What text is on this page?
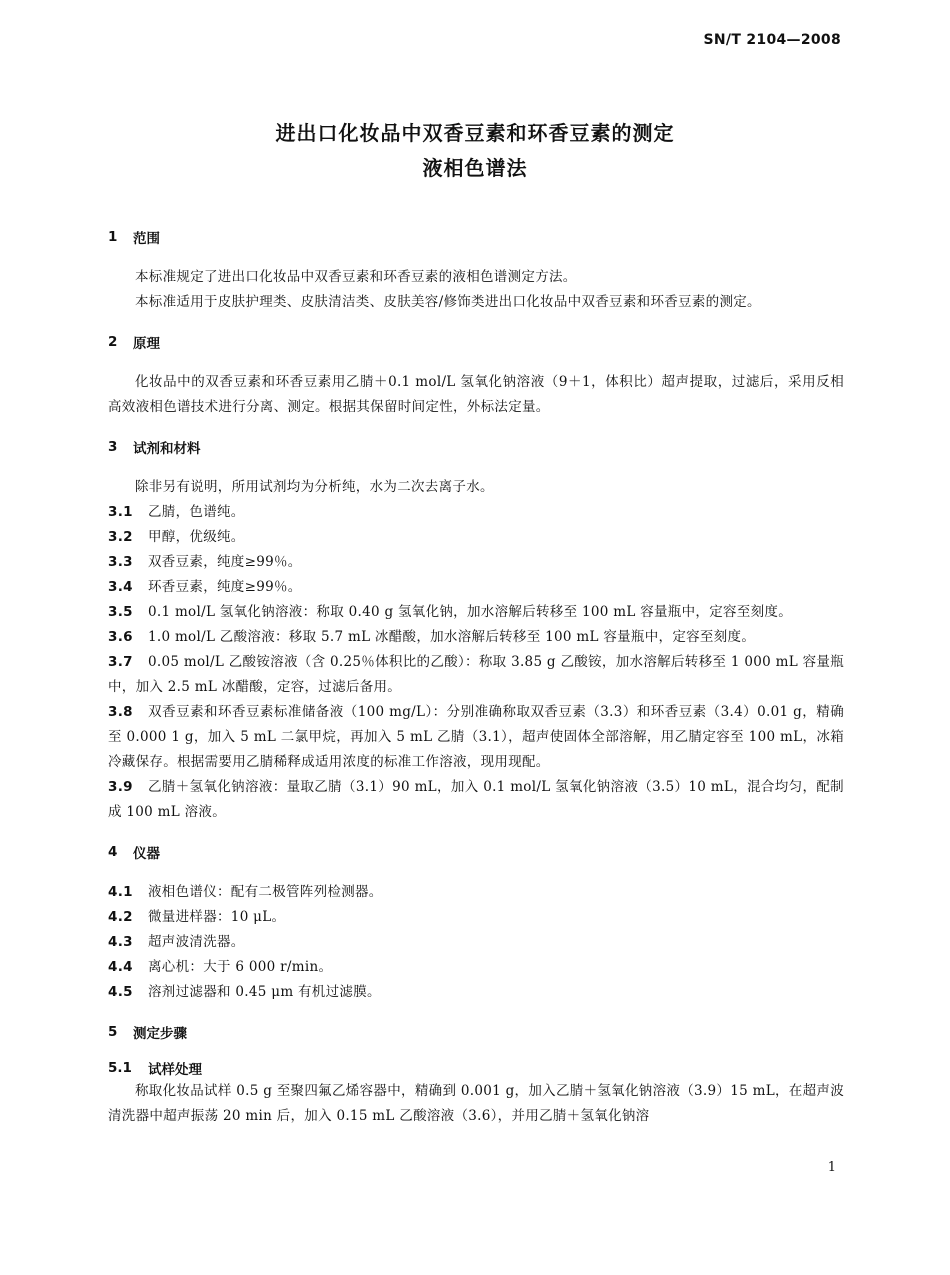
SN/T 2104—2008
进出口化妆品中双香豆素和环香豆素的测定
液相色谱法
1	范围
本标准规定了进出口化妆品中双香豆素和环香豆素的液相色谱测定方法。
本标准适用于皮肤护理类、皮肤清洁类、皮肤美容/修饰类进出口化妆品中双香豆素和环香豆素的测定。
2	原理
化妆品中的双香豆素和环香豆素用乙腈＋0.1 mol/L 氢氧化钠溶液（9＋1，体积比）超声提取，过滤后，采用反相高效液相色谱技术进行分离、测定。根据其保留时间定性，外标法定量。
3	试剂和材料
除非另有说明，所用试剂均为分析纯，水为二次去离子水。
3.1 乙腈，色谱纯。
3.2 甲醇，优级纯。
3.3 双香豆素，纯度≥99％。
3.4 环香豆素，纯度≥99％。
3.5 0.1 mol/L 氢氧化钠溶液：称取 0.40 g 氢氧化钠，加水溶解后转移至 100 mL 容量瓶中，定容至刻度。
3.6 1.0 mol/L 乙酸溶液：移取 5.7 mL 冰醋酸，加水溶解后转移至 100 mL 容量瓶中，定容至刻度。
3.7 0.05 mol/L 乙酸铵溶液（含 0.25％体积比的乙酸）：称取 3.85 g 乙酸铵，加水溶解后转移至 1 000 mL 容量瓶中，加入 2.5 mL 冰醋酸，定容，过滤后备用。
3.8 双香豆素和环香豆素标准储备液（100 mg/L）：分别准确称取双香豆素（3.3）和环香豆素（3.4）0.01 g，精确至 0.000 1 g，加入 5 mL 二氯甲烷，再加入 5 mL 乙腈（3.1），超声使固体全部溶解，用乙腈定容至 100 mL，冰箱冷藏保存。根据需要用乙腈稀释成适用浓度的标准工作溶液，现用现配。
3.9 乙腈＋氢氧化钠溶液：量取乙腈（3.1）90 mL，加入 0.1 mol/L 氢氧化钠溶液（3.5）10 mL，混合均匀，配制成 100 mL 溶液。
4	仪器
4.1 液相色谱仪：配有二极管阵列检测器。
4.2 微量进样器：10 μL。
4.3 超声波清洗器。
4.4 离心机：大于 6 000 r/min。
4.5 溶剂过滤器和 0.45 μm 有机过滤膜。
5	测定步骤
5.1	试样处理
称取化妆品试样 0.5 g 至聚四氟乙烯容器中，精确到 0.001 g，加入乙腈＋氢氧化钠溶液（3.9）15 mL，在超声波清洗器中超声振荡 20 min 后，加入 0.15 mL 乙酸溶液（3.6），并用乙腈＋氢氧化钠溶
1
